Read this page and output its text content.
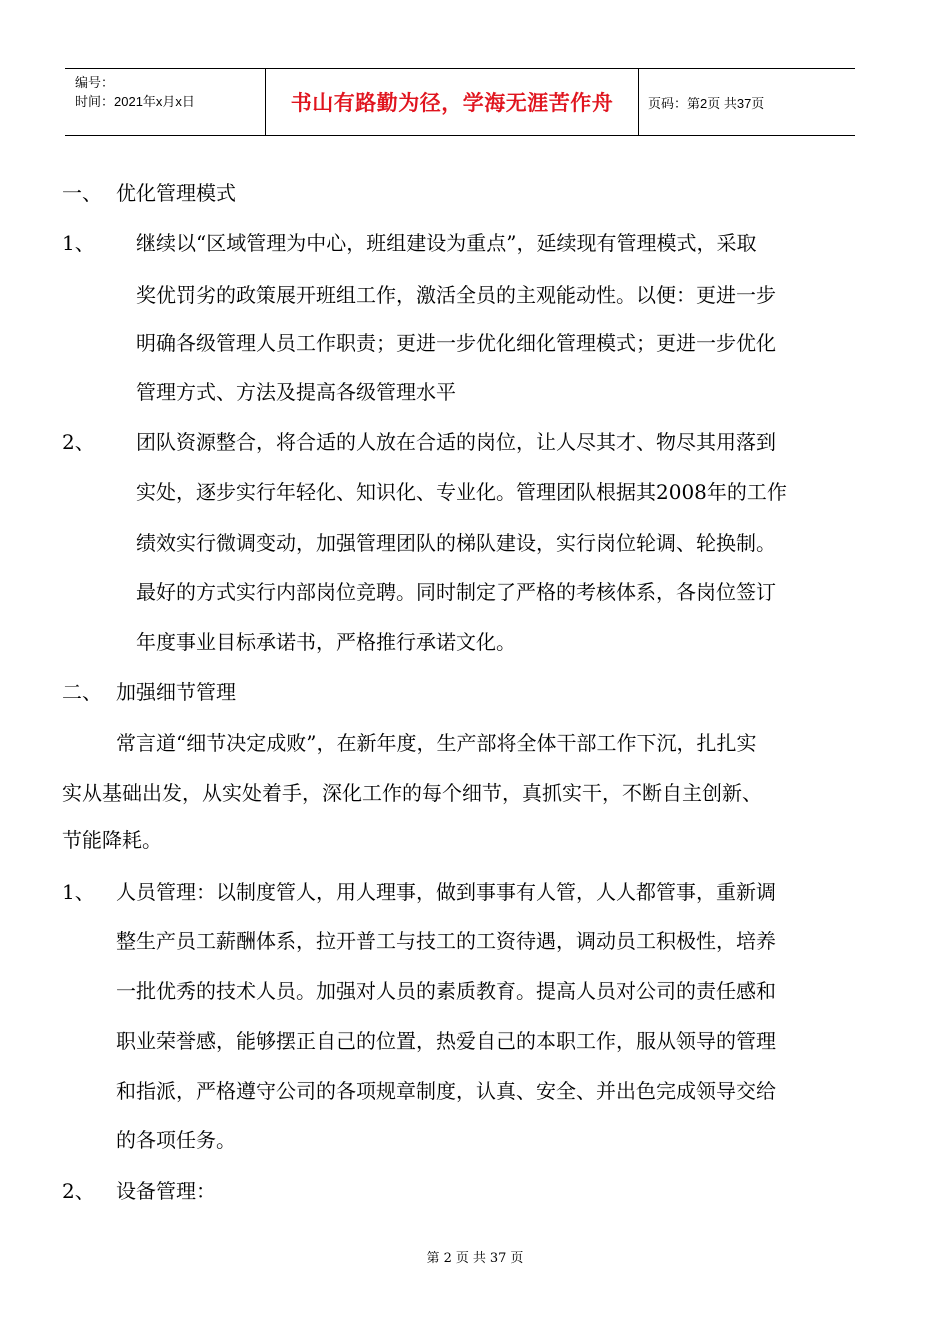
编号：
时间：2021年x月x日	书山有路勤为径，学海无涯苦作舟	页码：第2页 共37页
一、 优化管理模式
1、 继续以“区域管理为中心，班组建设为重点”，延续现有管理模式，采取
奖优罚劣的政策展开班组工作，激活全员的主观能动性。以便：更进一步
明确各级管理人员工作职责；更进一步优化细化管理模式；更进一步优化
管理方式、方法及提高各级管理水平
2、 团队资源整合，将合适的人放在合适的岗位，让人尽其才、物尽其用落到
实处，逐步实行年轻化、知识化、专业化。管理团队根据其2008年的工作
绩效实行微调变动，加强管理团队的梯队建设，实行岗位轮调、轮换制。
最好的方式实行内部岗位竞聘。同时制定了严格的考核体系，各岗位签订
年度事业目标承诺书，严格推行承诺文化。
二、 加强细节管理
常言道“细节决定成败”，在新年度，生产部将全体干部工作下沉，扎扎实
实从基础出发，从实处着手，深化工作的每个细节，真抓实干，不断自主创新、
节能降耗。
1、 人员管理：以制度管人，用人理事，做到事事有人管，人人都管事，重新调
整生产员工薪酬体系，拉开普工与技工的工资待遇，调动员工积极性，培养
一批优秀的技术人员。加强对人员的素质教育。提高人员对公司的责任感和
职业荣誉感，能够摆正自己的位置，热爱自己的本职工作，服从领导的管理
和指派，严格遵守公司的各项规章制度，认真、安全、并出色完成领导交给
的各项任务。
2、 设备管理：
第 2 页 共 37 页
